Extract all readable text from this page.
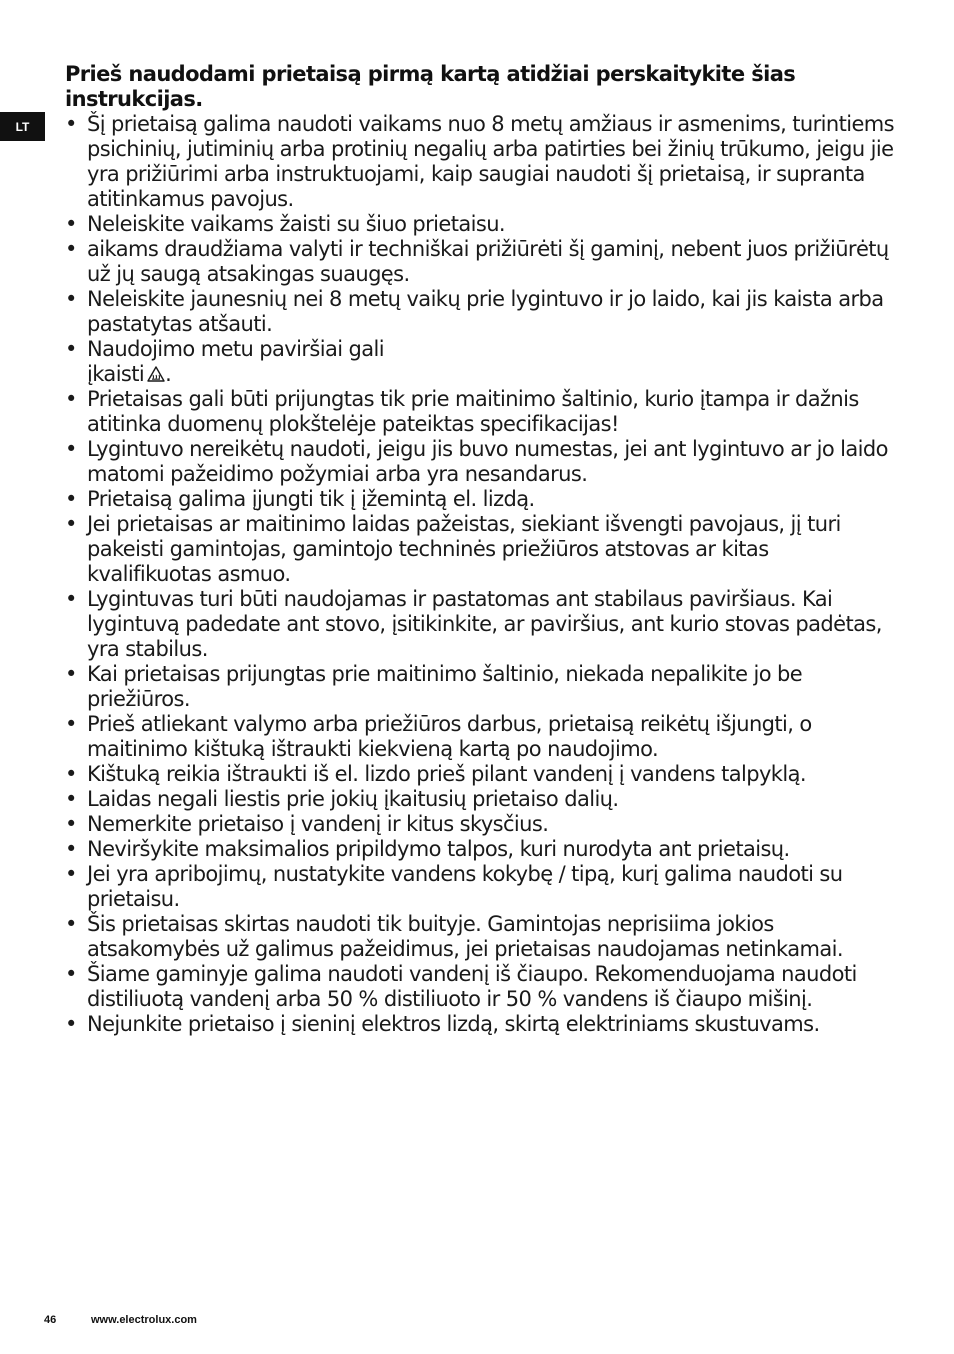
LT
Prieš naudodami prietaisą pirmą kartą atidžiai perskaitykite šias instrukcijas.
• Šį prietaisą galima naudoti vaikams nuo 8 metų amžiaus ir asmenims, turintiems psichinių, jutiminių arba protinių negalių arba patirties bei žinių trūkumo, jeigu jie yra prižiūrimi arba instruktuojami, kaip saugiai naudoti šį prietaisą, ir supranta atitinkamus pavojus.
• Neleiskite vaikams žaisti su šiuo prietaisu.
• aikams draudžiama valyti ir techniškai prižiūrėti šį gaminį, nebent juos prižiūrėtų už jų saugą atsakingas suaugęs.
• Neleiskite jaunesnių nei 8 metų vaikų prie lygintuvo ir jo laido, kai jis kaista arba pastatytas atšauti.
• Naudojimo metu paviršiai gali įkaisti .
• Prietaisas gali būti prijungtas tik prie maitinimo šaltinio, kurio įtampa ir dažnis atitinka duomenų plokštelėje pateiktas specifikacijas!
• Lygintuvo nereikėtų naudoti, jeigu jis buvo numestas, jei ant lygintuvo ar jo laido matomi pažeidimo požymiai arba yra nesandarus.
• Prietaisą galima įjungti tik į įžemintą el. lizdą.
• Jei prietaisas ar maitinimo laidas pažeistas, siekiant išvengti pavojaus, jį turi pakeisti gamintojas, gamintojo techninės priežiūros atstovas ar kitas kvalifikuotas asmuo.
• Lygintuvas turi būti naudojamas ir pastatomas ant stabilaus paviršiaus. Kai lygintuvą padedate ant stovo, įsitikinkite, ar paviršius, ant kurio stovas padėtas, yra stabilus.
• Kai prietaisas prijungtas prie maitinimo šaltinio, niekada nepalikite jo be priežiūros.
• Prieš atliekant valymo arba priežiūros darbus, prietaisą reikėtų išjungti, o maitinimo kištuką ištraukti kiekvieną kartą po naudojimo.
• Kištuką reikia ištraukti iš el. lizdo prieš pilant vandenį į vandens talpyklą.
• Laidas negali liestis prie jokių įkaitusių prietaiso dalių.
• Nemerkite prietaiso į vandenį ir kitus skysčius.
• Neviršykite maksimalios pripildymo talpos, kuri nurodyta ant prietaisų.
• Jei yra apribojimų, nustatykite vandens kokybę / tipą, kurį galima naudoti su prietaisu.
• Šis prietaisas skirtas naudoti tik buityje. Gamintojas neprisiima jokios atsakomybės už galimus pažeidimus, jei prietaisas naudojamas netinkamai.
• Šiame gaminyje galima naudoti vandenį iš čiaupo. Rekomenduojama naudoti distiliuotą vandenį arba 50 % distiliuoto ir 50 % vandens iš čiaupo mišinį.
• Nejunkite prietaiso į sieninį elektros lizdą, skirtą elektriniams skustuvams.
46	www.electrolux.com
